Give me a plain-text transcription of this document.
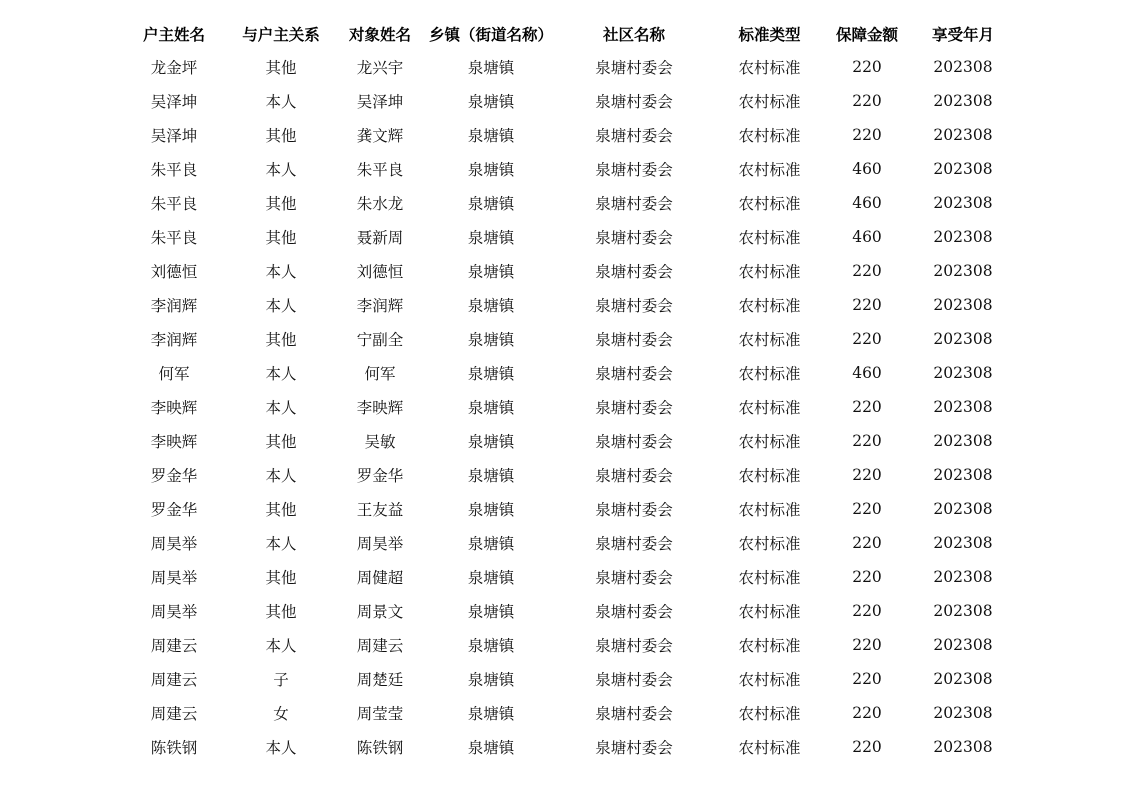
户主姓名	与户主关系	对象姓名	乡镇（街道名称）	社区名称	标准类型	保障金额	享受年月
龙金坪	其他	龙兴宇	泉塘镇	泉塘村委会	农村标准	220	202308
吴泽坤	本人	吴泽坤	泉塘镇	泉塘村委会	农村标准	220	202308
吴泽坤	其他	龚文辉	泉塘镇	泉塘村委会	农村标准	220	202308
朱平良	本人	朱平良	泉塘镇	泉塘村委会	农村标准	460	202308
朱平良	其他	朱水龙	泉塘镇	泉塘村委会	农村标准	460	202308
朱平良	其他	聂新周	泉塘镇	泉塘村委会	农村标准	460	202308
刘德恒	本人	刘德恒	泉塘镇	泉塘村委会	农村标准	220	202308
李润辉	本人	李润辉	泉塘镇	泉塘村委会	农村标准	220	202308
李润辉	其他	宁副全	泉塘镇	泉塘村委会	农村标准	220	202308
何军	本人	何军	泉塘镇	泉塘村委会	农村标准	460	202308
李映辉	本人	李映辉	泉塘镇	泉塘村委会	农村标准	220	202308
李映辉	其他	吴敏	泉塘镇	泉塘村委会	农村标准	220	202308
罗金华	本人	罗金华	泉塘镇	泉塘村委会	农村标准	220	202308
罗金华	其他	王友益	泉塘镇	泉塘村委会	农村标准	220	202308
周昊举	本人	周昊举	泉塘镇	泉塘村委会	农村标准	220	202308
周昊举	其他	周健超	泉塘镇	泉塘村委会	农村标准	220	202308
周昊举	其他	周景文	泉塘镇	泉塘村委会	农村标准	220	202308
周建云	本人	周建云	泉塘镇	泉塘村委会	农村标准	220	202308
周建云	子	周楚廷	泉塘镇	泉塘村委会	农村标准	220	202308
周建云	女	周莹莹	泉塘镇	泉塘村委会	农村标准	220	202308
陈铁钢	本人	陈铁钢	泉塘镇	泉塘村委会	农村标准	220	202308
